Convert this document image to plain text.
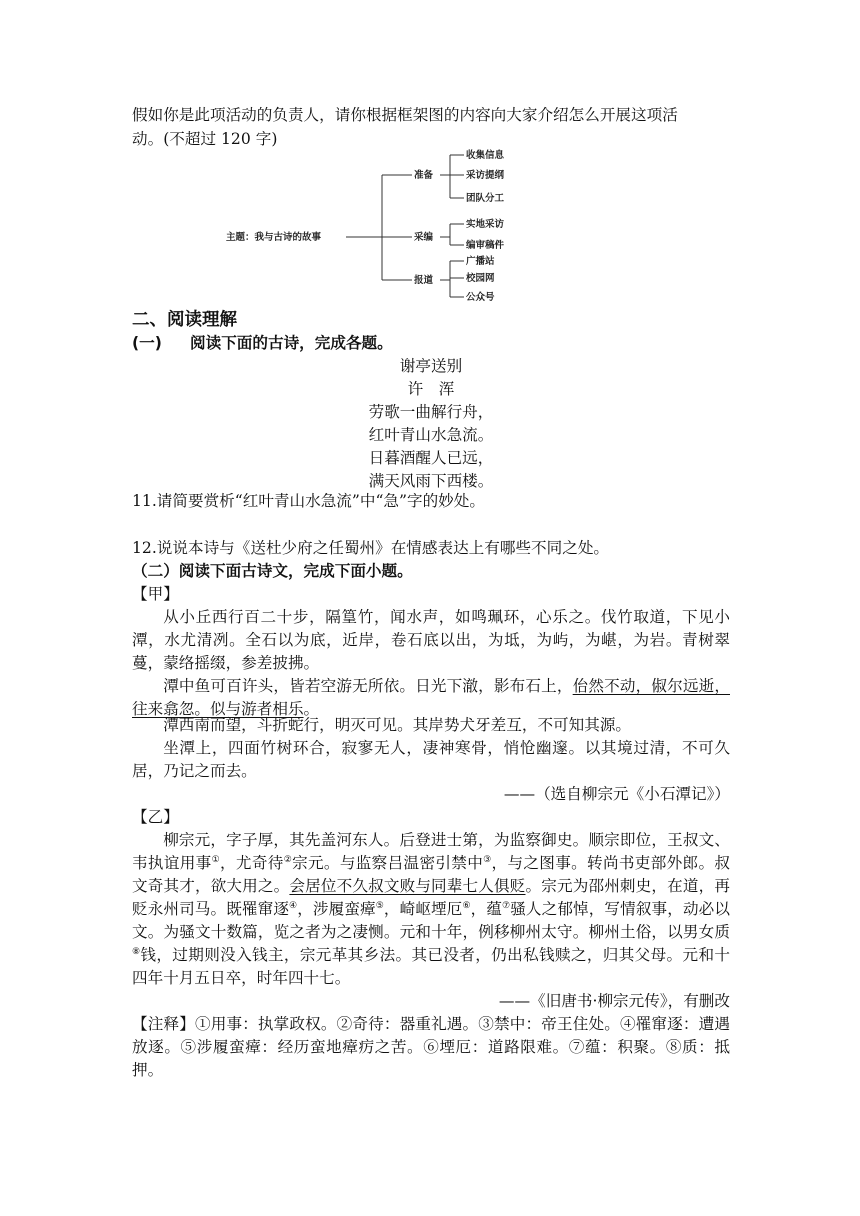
假如你是此项活动的负责人，请你根据框架图的内容向大家介绍怎么开展这项活
动。(不超过 120 字)
主题：我与古诗的故事
准备
采编
报道
收集信息
采访提纲
团队分工
实地采访
编审稿件
广播站
校园网
公众号
二、阅读理解
(一) 阅读下面的古诗，完成各题。
谢亭送别
许　浑
劳歌一曲解行舟，
红叶青山水急流。
日暮酒醒人已远，
满天风雨下西楼。
11.请简要赏析“红叶青山水急流”中“急”字的妙处。
12.说说本诗与《送杜少府之任蜀州》在情感表达上有哪些不同之处。
（二）阅读下面古诗文，完成下面小题。
【甲】
从小丘西行百二十步，隔篁竹，闻水声，如鸣珮环，心乐之。伐竹取道，下见小潭，水尤清冽。全石以为底，近岸，卷石底以出，为坻，为屿，为嵁，为岩。青树翠蔓，蒙络摇缀，参差披拂。
潭中鱼可百许头，皆若空游无所依。日光下澈，影布石上，佁然不动，俶尔远逝，往来翕忽。似与游者相乐。
潭西南而望，斗折蛇行，明灭可见。其岸势犬牙差互，不可知其源。
坐潭上，四面竹树环合，寂寥无人，凄神寒骨，悄怆幽邃。以其境过清，不可久居，乃记之而去。
——（选自柳宗元《小石潭记》）
【乙】
柳宗元，字子厚，其先盖河东人。后登进士第，为监察御史。顺宗即位，王叔文、韦执谊用事①，尤奇待②宗元。与监察吕温密引禁中③，与之图事。转尚书吏部外郎。叔文奇其才，欲大用之。会居位不久叔文败与同辈七人俱贬。宗元为邵州刺史，在道，再贬永州司马。既罹窜逐④，涉履蛮瘴⑤，崎岖堙厄⑥，蕴⑦骚人之郁悼，写情叙事，动必以文。为骚文十数篇，览之者为之凄恻。元和十年，例移柳州太守。柳州土俗，以男女质⑧钱，过期则没入钱主，宗元革其乡法。其已没者，仍出私钱赎之，归其父母。元和十四年十月五日卒，时年四十七。
——《旧唐书·柳宗元传》，有删改
【注释】①用事：执掌政权。②奇待：器重礼遇。③禁中：帝王住处。④罹窜逐：遭遇放逐。⑤涉履蛮瘴：经历蛮地瘴疠之苦。⑥堙厄：道路限难。⑦蕴：积聚。⑧质：抵押。
